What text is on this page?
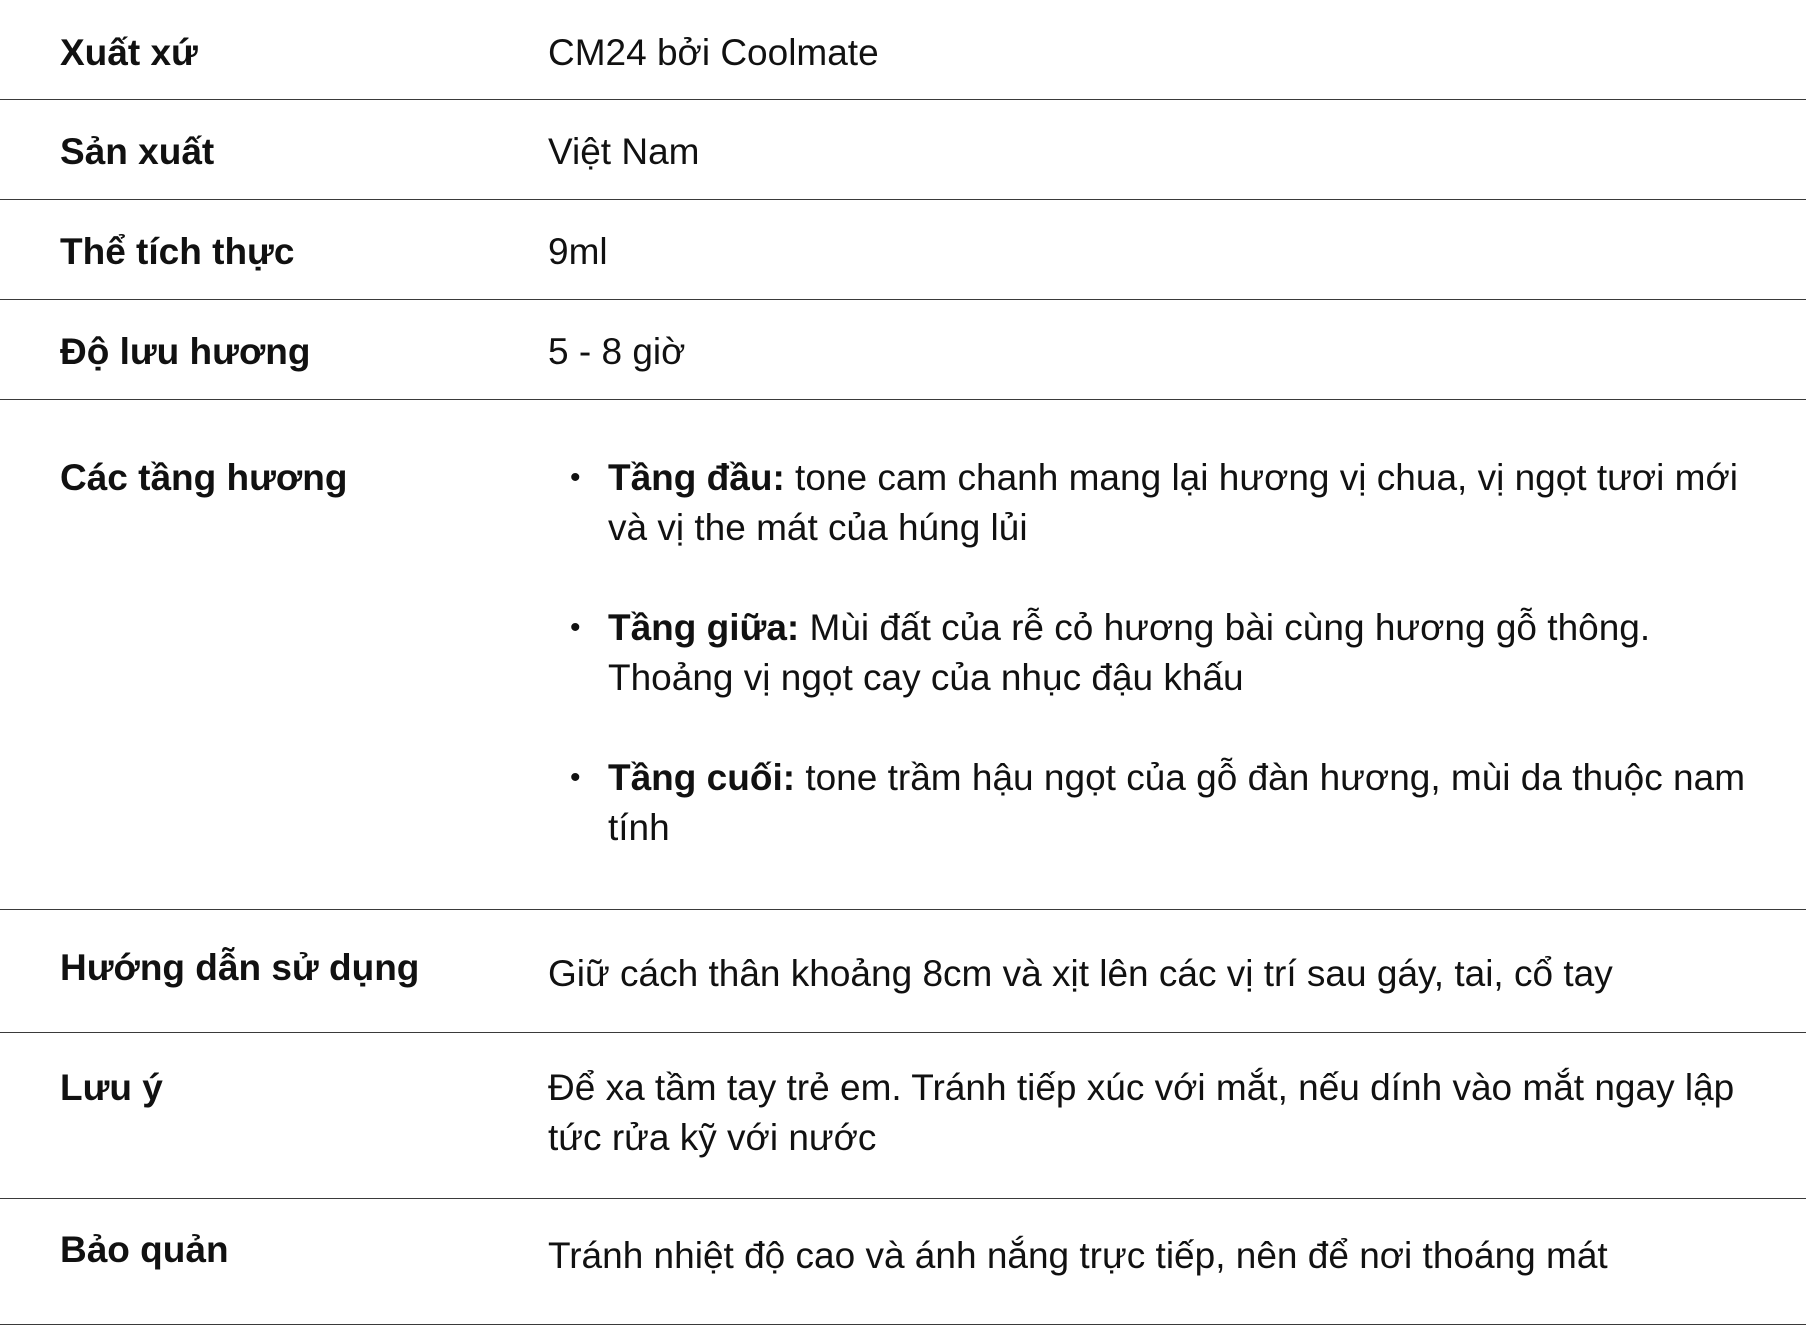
Xuất xứ	CM24 bởi Coolmate
Sản xuất	Việt Nam
Thể tích thực	9ml
Độ lưu hương	5 - 8 giờ
Các tầng hương	• Tầng đầu: tone cam chanh mang lại hương vị chua, vị ngọt tươi mới và vị the mát của húng lủi
• Tầng giữa: Mùi đất của rễ cỏ hương bài cùng hương gỗ thông. Thoảng vị ngọt cay của nhục đậu khấu
• Tầng cuối: tone trầm hậu ngọt của gỗ đàn hương, mùi da thuộc nam tính
Hướng dẫn sử dụng	Giữ cách thân khoảng 8cm và xịt lên các vị trí sau gáy, tai, cổ tay
Lưu ý	Để xa tầm tay trẻ em. Tránh tiếp xúc với mắt, nếu dính vào mắt ngay lập tức rửa kỹ với nước
Bảo quản	Tránh nhiệt độ cao và ánh nắng trực tiếp, nên để nơi thoáng mát
